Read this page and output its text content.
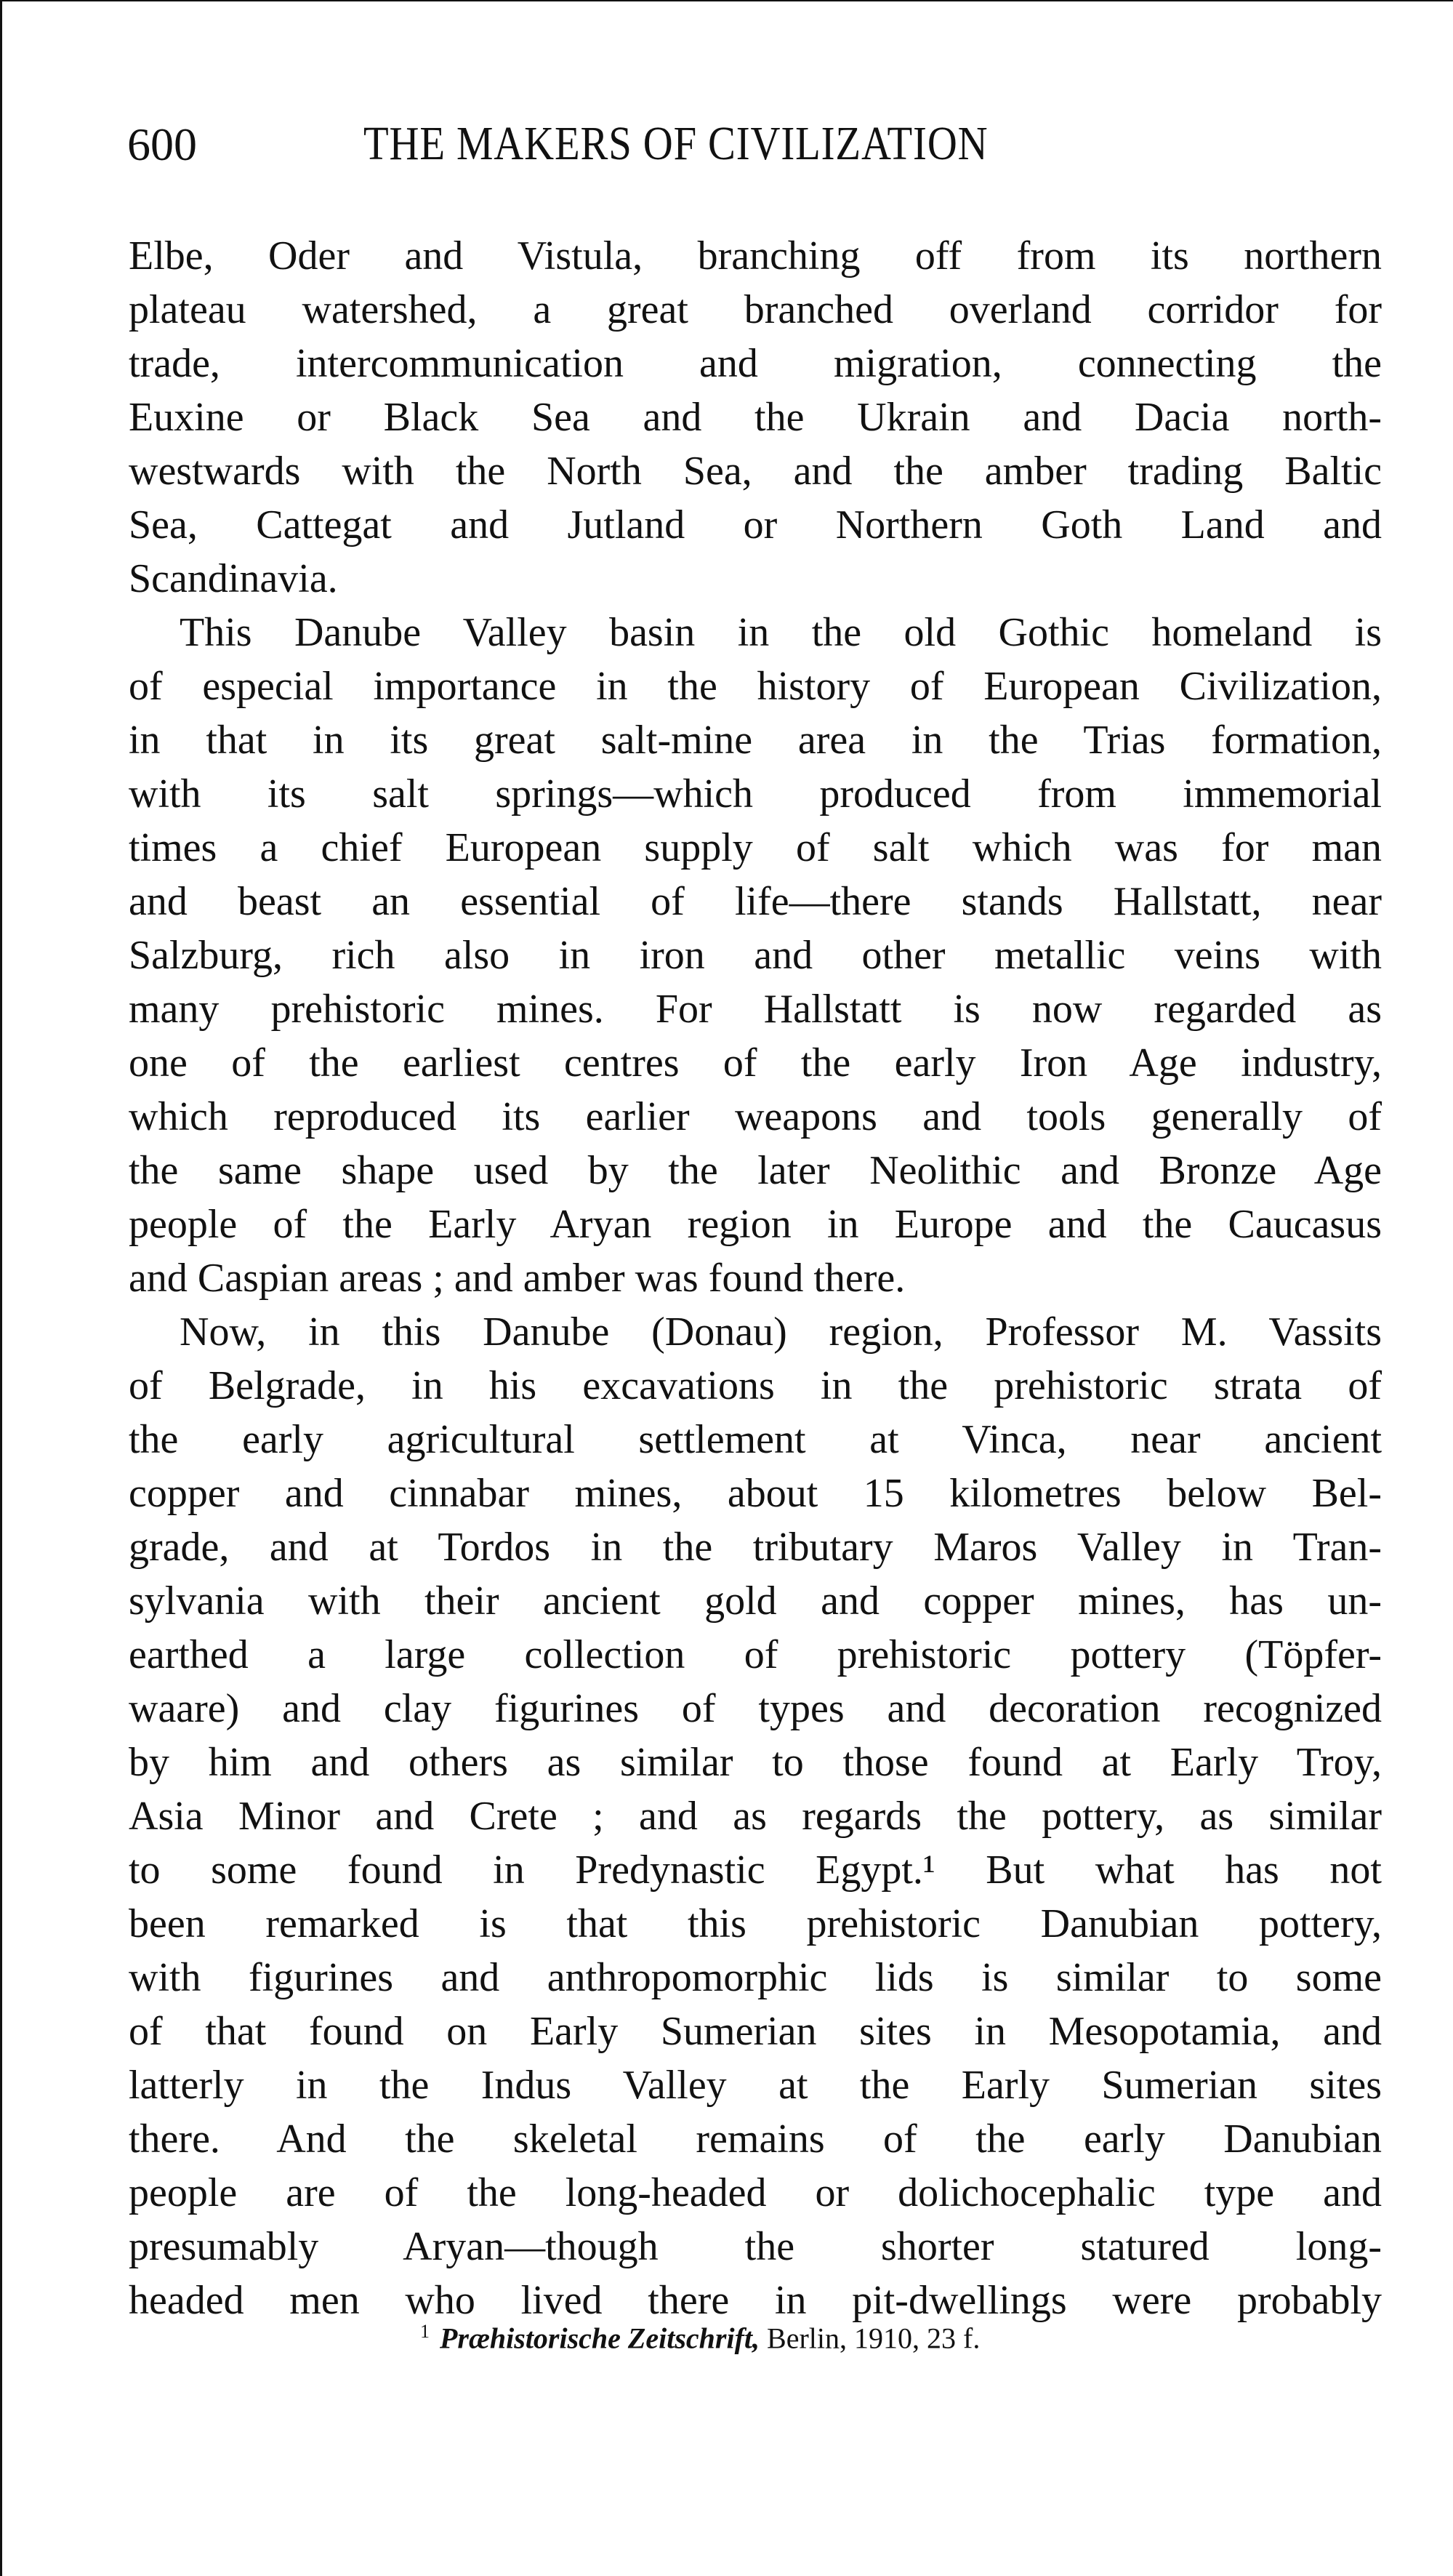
600	THE MAKERS OF CIVILIZATION
Elbe, Oder and Vistula, branching off from its northern
plateau watershed, a great branched overland corridor for
trade, intercommunication and migration, connecting the
Euxine or Black Sea and the Ukrain and Dacia north-
westwards with the North Sea, and the amber trading Baltic
Sea, Cattegat and Jutland or Northern Goth Land and
Scandinavia.
This Danube Valley basin in the old Gothic homeland is
of especial importance in the history of European Civilization,
in that in its great salt-mine area in the Trias formation,
with its salt springs—which produced from immemorial
times a chief European supply of salt which was for man
and beast an essential of life—there stands Hallstatt, near
Salzburg, rich also in iron and other metallic veins with
many prehistoric mines. For Hallstatt is now regarded as
one of the earliest centres of the early Iron Age industry,
which reproduced its earlier weapons and tools generally of
the same shape used by the later Neolithic and Bronze Age
people of the Early Aryan region in Europe and the Caucasus
and Caspian areas ; and amber was found there.
Now, in this Danube (Donau) region, Professor M. Vassits
of Belgrade, in his excavations in the prehistoric strata of
the early agricultural settlement at Vinca, near ancient
copper and cinnabar mines, about 15 kilometres below Bel-
grade, and at Tordos in the tributary Maros Valley in Tran-
sylvania with their ancient gold and copper mines, has un-
earthed a large collection of prehistoric pottery (Töpfer-
waare) and clay figurines of types and decoration recognized
by him and others as similar to those found at Early Troy,
Asia Minor and Crete ; and as regards the pottery, as similar
to some found in Predynastic Egypt.¹ But what has not
been remarked is that this prehistoric Danubian pottery,
with figurines and anthropomorphic lids is similar to some
of that found on Early Sumerian sites in Mesopotamia, and
latterly in the Indus Valley at the Early Sumerian sites
there. And the skeletal remains of the early Danubian
people are of the long-headed or dolichocephalic type and
presumably Aryan—though the shorter statured long-
headed men who lived there in pit-dwellings were probably
$^1$ Præhistorische Zeitschrift, Berlin, 1910, 23 f.
